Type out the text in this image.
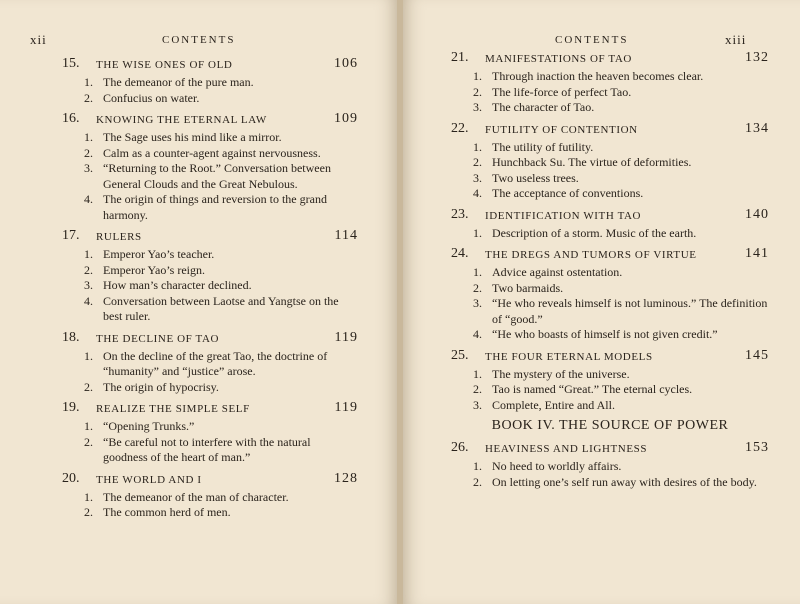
xii	CONTENTS
15. THE WISE ONES OF OLD	106
1. The demeanor of the pure man.
2. Confucius on water.
16. KNOWING THE ETERNAL LAW	109
1. The Sage uses his mind like a mirror.
2. Calm as a counter-agent against nervousness.
3. “Returning to the Root.” Conversation between General Clouds and the Great Nebulous.
4. The origin of things and reversion to the grand harmony.
17. RULERS	114
1. Emperor Yao’s teacher.
2. Emperor Yao’s reign.
3. How man’s character declined.
4. Conversation between Laotse and Yangtse on the best ruler.
18. THE DECLINE OF TAO	119
1. On the decline of the great Tao, the doctrine of “humanity” and “justice” arose.
2. The origin of hypocrisy.
19. REALIZE THE SIMPLE SELF	119
1. “Opening Trunks.”
2. “Be careful not to interfere with the natural goodness of the heart of man.”
20. THE WORLD AND I	128
1. The demeanor of the man of character.
2. The common herd of men.
CONTENTS	xiii
21. MANIFESTATIONS OF TAO	132
1. Through inaction the heaven becomes clear.
2. The life-force of perfect Tao.
3. The character of Tao.
22. FUTILITY OF CONTENTION	134
1. The utility of futility.
2. Hunchback Su. The virtue of deformities.
3. Two useless trees.
4. The acceptance of conventions.
23. IDENTIFICATION WITH TAO	140
1. Description of a storm. Music of the earth.
24. THE DREGS AND TUMORS OF VIRTUE	141
1. Advice against ostentation.
2. Two barmaids.
3. “He who reveals himself is not luminous.” The definition of “good.”
4. “He who boasts of himself is not given credit.”
25. THE FOUR ETERNAL MODELS	145
1. The mystery of the universe.
2. Tao is named “Great.” The eternal cycles.
3. Complete, Entire and All.
BOOK IV. THE SOURCE OF POWER
26. HEAVINESS AND LIGHTNESS	153
1. No heed to worldly affairs.
2. On letting one’s self run away with desires of the body.
